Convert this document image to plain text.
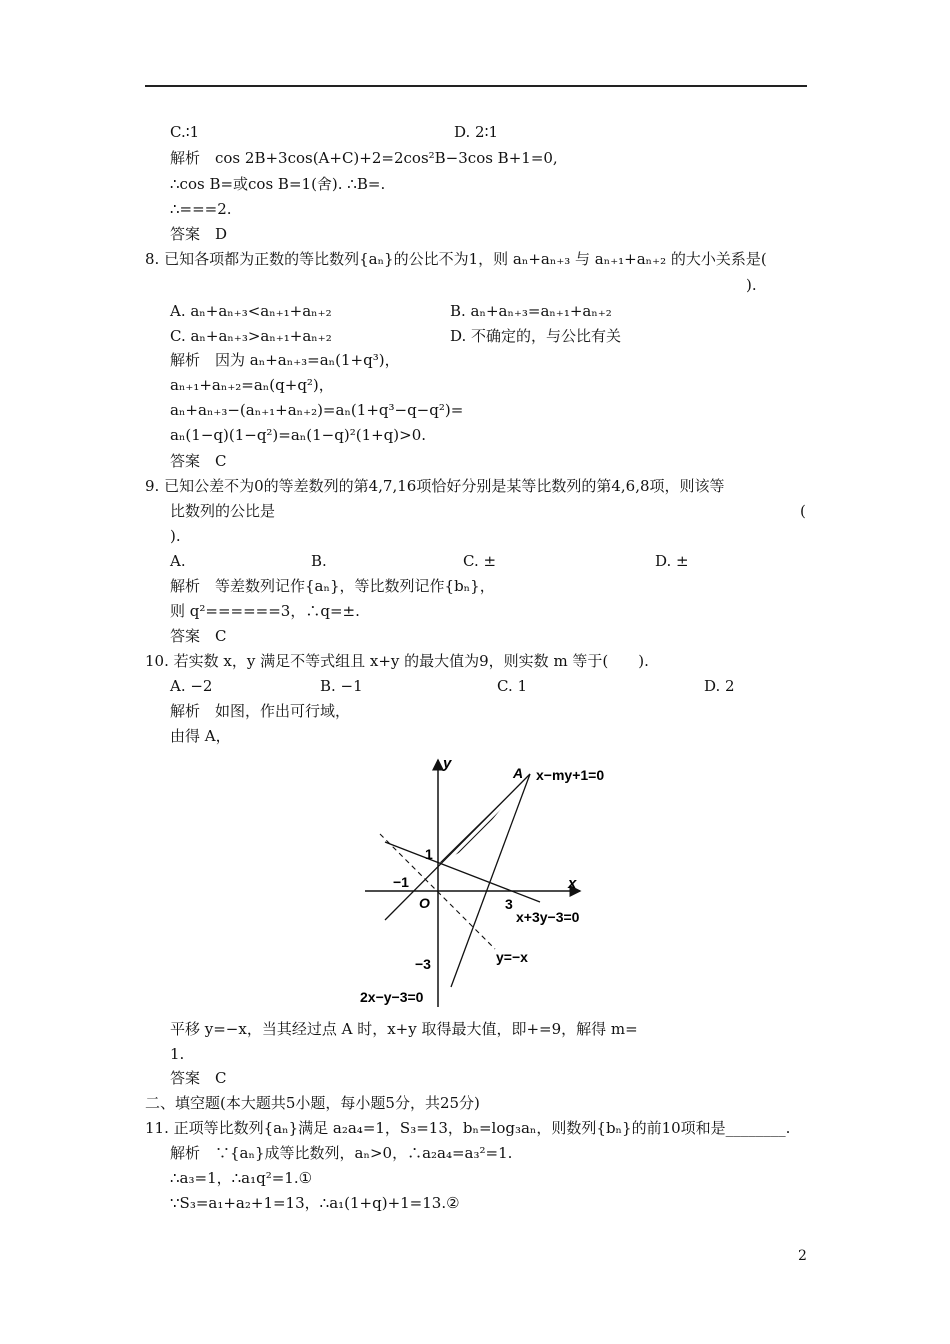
C.∶1	D. 2∶1
解析　cos 2B+3cos(A+C)+2=2cos²B−3cos B+1=0,
∴cos B=或cos B=1(舍). ∴B=.
∴===2.
答案　D
8. 已知各项都为正数的等比数列{aₙ}的公比不为1，则 aₙ+aₙ₊₃ 与 aₙ₊₁+aₙ₊₂ 的大小关系是(
).
A. aₙ+aₙ₊₃<aₙ₊₁+aₙ₊₂	B. aₙ+aₙ₊₃=aₙ₊₁+aₙ₊₂
C. aₙ+aₙ₊₃>aₙ₊₁+aₙ₊₂	D. 不确定的，与公比有关
解析　因为 aₙ+aₙ₊₃=aₙ(1+q³)，
aₙ₊₁+aₙ₊₂=aₙ(q+q²)，
aₙ+aₙ₊₃−(aₙ₊₁+aₙ₊₂)=aₙ(1+q³−q−q²)=
aₙ(1−q)(1−q²)=aₙ(1−q)²(1+q)>0.
答案　C
9. 已知公差不为0的等差数列的第4,7,16项恰好分别是某等比数列的第4,6,8项，则该等
比数列的公比是	(
).
A.	B.	C. ±	D. ±
解析　等差数列记作{aₙ}，等比数列记作{bₙ}，
则 q²======3，∴q=±.
答案　C
10. 若实数 x，y 满足不等式组且 x+y 的最大值为9，则实数 m 等于(　　).
A. −2	B. −1	C. 1	D. 2
解析　如图，作出可行域，
由得 A，
y
x
A x−my+1=0
x+3y−3=0
y=−x
2x−y−3=0
O	3
−1
1
−3
平移 y=−x，当其经过点 A 时，x+y 取得最大值，即+=9，解得 m=
1.
答案　C
二、填空题(本大题共5小题，每小题5分，共25分)
11. 正项等比数列{aₙ}满足 a₂a₄=1，S₃=13，bₙ=log₃aₙ，则数列{bₙ}的前10项和是________.
解析　∵{aₙ}成等比数列，aₙ>0，∴a₂a₄=a₃²=1.
∴a₃=1，∴a₁q²=1.①
∵S₃=a₁+a₂+1=13，∴a₁(1+q)+1=13.②
2
